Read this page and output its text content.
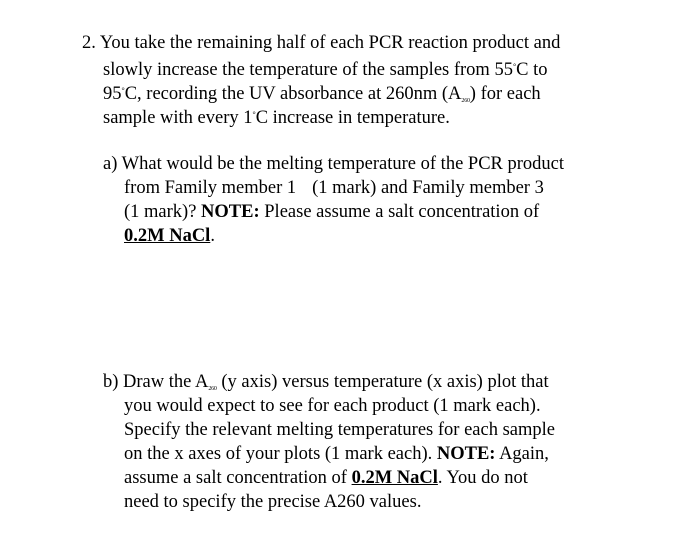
2. You take the remaining half of each PCR reaction product and
slowly increase the temperature of the samples from 55°C to
95°C, recording the UV absorbance at 260nm $(A_{260})$ for each
sample with every 1°C increase in temperature.
a) What would be the melting temperature of the PCR product
from Family member 1 (1 mark) and Family member 3
(1 mark)? NOTE: Please assume a salt concentration of
0.2M NaCl.
b) Draw the $A_{260}$ (y axis) versus temperature (x axis) plot that
you would expect to see for each product (1 mark each).
Specify the relevant melting temperatures for each sample
on the x axes of your plots (1 mark each). NOTE: Again,
assume a salt concentration of 0.2M NaCl. You do not
need to specify the precise A260 values.
